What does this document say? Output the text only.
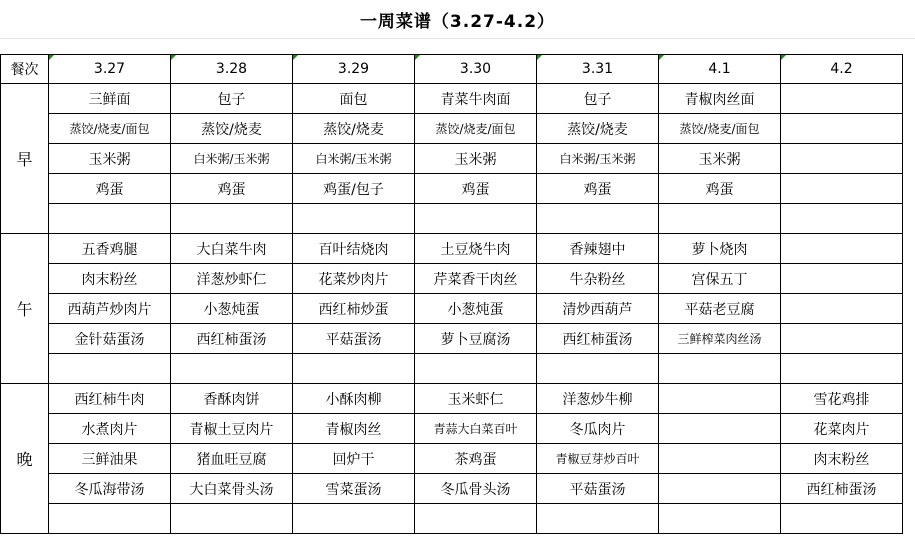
一周菜谱（3.27-4.2）
餐次	3.27	3.28	3.29	3.30	3.31	4.1	4.2
早	三鲜面	包子	面包	青菜牛肉面	包子	青椒肉丝面	
	蒸饺/烧麦/面包	蒸饺/烧麦	蒸饺/烧麦	蒸饺/烧麦/面包	蒸饺/烧麦	蒸饺/烧麦/面包	
	玉米粥	白米粥/玉米粥	白米粥/玉米粥	玉米粥	白米粥/玉米粥	玉米粥	
	鸡蛋	鸡蛋	鸡蛋/包子	鸡蛋	鸡蛋	鸡蛋	

午	五香鸡腿	大白菜牛肉	百叶结烧肉	土豆烧牛肉	香辣翅中	萝卜烧肉	
	肉末粉丝	洋葱炒虾仁	花菜炒肉片	芹菜香干肉丝	牛杂粉丝	宫保五丁	
	西葫芦炒肉片	小葱炖蛋	西红柿炒蛋	小葱炖蛋	清炒西葫芦	平菇老豆腐	
	金针菇蛋汤	西红柿蛋汤	平菇蛋汤	萝卜豆腐汤	西红柿蛋汤	三鲜榨菜肉丝汤	

晚	西红柿牛肉	香酥肉饼	小酥肉柳	玉米虾仁	洋葱炒牛柳		雪花鸡排
	水煮肉片	青椒土豆肉片	青椒肉丝	青蒜大白菜百叶	冬瓜肉片		花菜肉片
	三鲜油果	猪血旺豆腐	回炉干	茶鸡蛋	青椒豆芽炒百叶		肉末粉丝
	冬瓜海带汤	大白菜骨头汤	雪菜蛋汤	冬瓜骨头汤	平菇蛋汤		西红柿蛋汤
